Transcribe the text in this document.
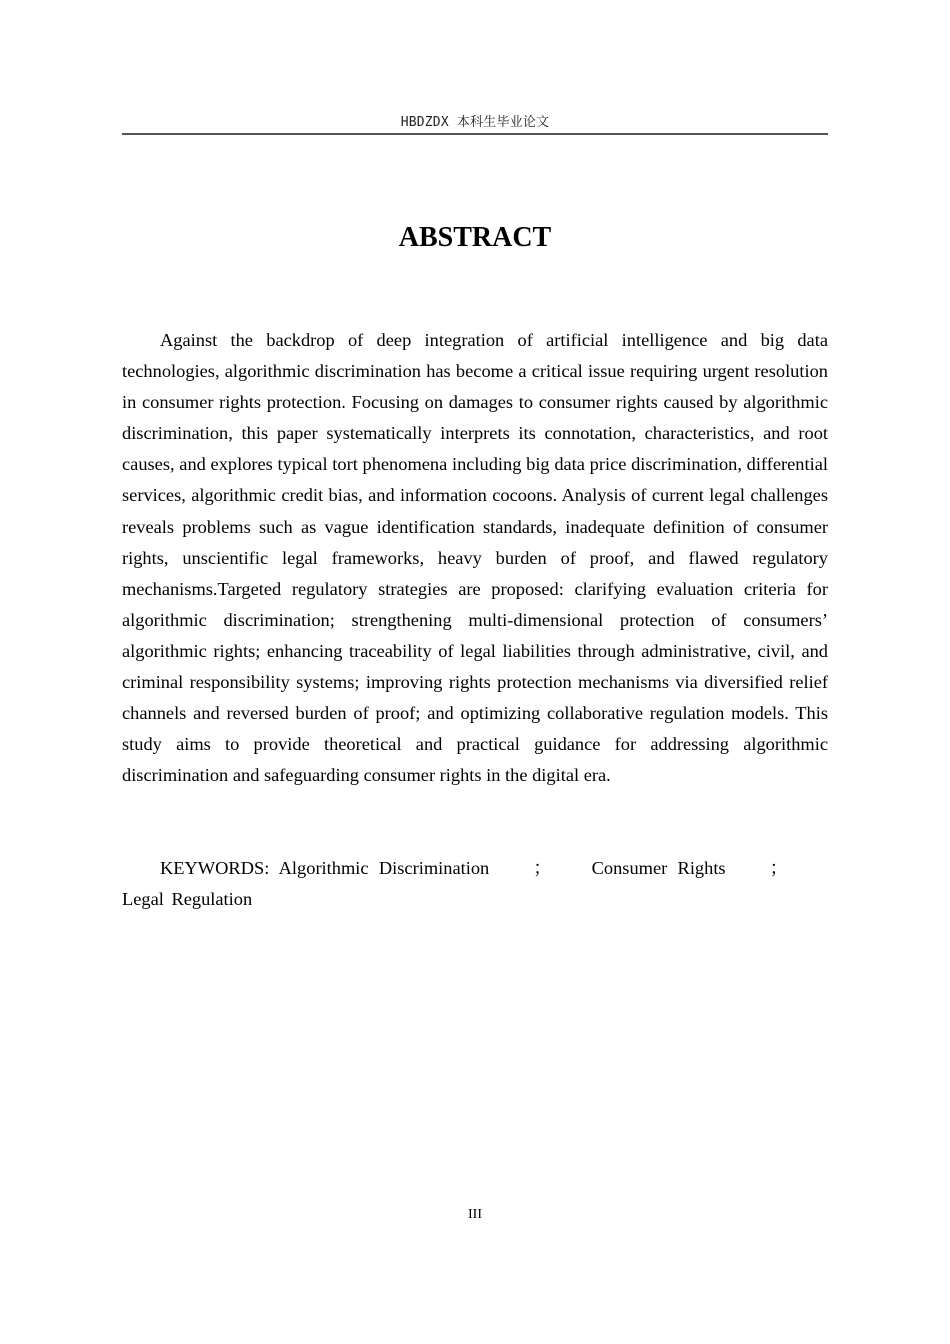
HBDZDX 本科生毕业论文
ABSTRACT

Against the backdrop of deep integration of artificial intelligence and big data technologies, algorithmic discrimination has become a critical issue requiring urgent resolution in consumer rights protection. Focusing on damages to consumer rights caused by algorithmic discrimination, this paper systematically interprets its connotation, characteristics, and root causes, and explores typical tort phenomena including big data price discrimination, differential services, algorithmic credit bias, and information cocoons. Analysis of current legal challenges reveals problems such as vague identification standards, inadequate definition of consumer rights, unscientific legal frameworks, heavy burden of proof, and flawed regulatory mechanisms.Targeted regulatory strategies are proposed: clarifying evaluation criteria for algorithmic discrimination; strengthening multi-dimensional protection of consumers’ algorithmic rights; enhancing traceability of legal liabilities through administrative, civil, and criminal responsibility systems; improving rights protection mechanisms via diversified relief channels and reversed burden of proof; and optimizing collaborative regulation models. This study aims to provide theoretical and practical guidance for addressing algorithmic discrimination and safeguarding consumer rights in the digital era.

KEYWORDS: Algorithmic Discrimination ； Consumer Rights ；Legal Regulation

III
